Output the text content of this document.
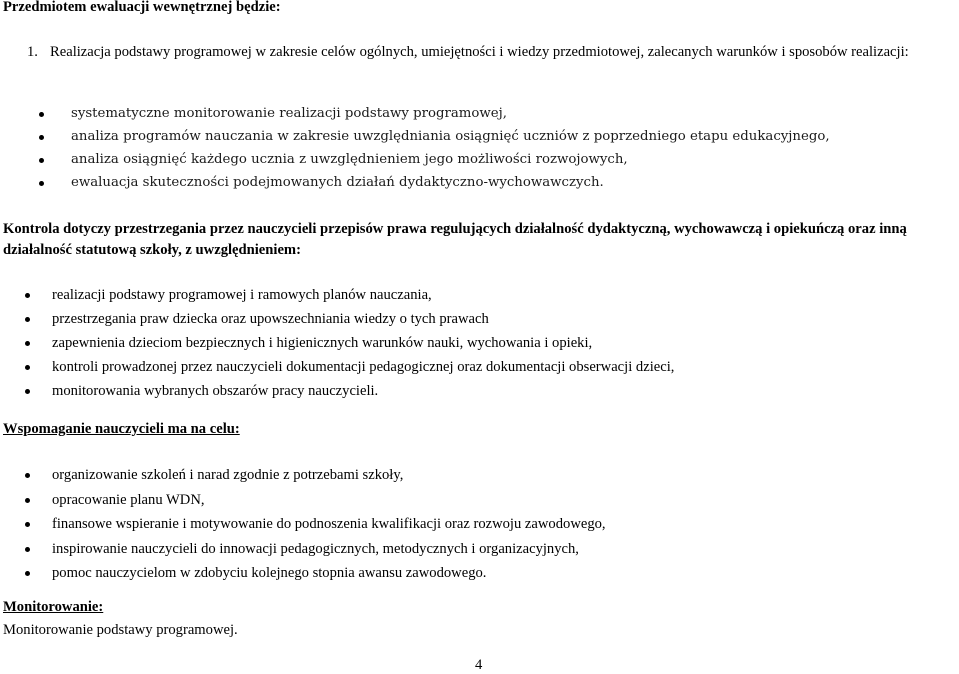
Przedmiotem ewaluacji wewnętrznej będzie:
1. Realizacja podstawy programowej w zakresie celów ogólnych, umiejętności i wiedzy przedmiotowej, zalecanych warunków i sposobów realizacji:
systematyczne monitorowanie realizacji podstawy programowej,
analiza programów nauczania w zakresie uwzględniania osiągnięć uczniów z poprzedniego etapu edukacyjnego,
analiza osiągnięć każdego ucznia z uwzględnieniem jego możliwości rozwojowych,
ewaluacja skuteczności podejmowanych działań dydaktyczno-wychowawczych.
Kontrola dotyczy przestrzegania przez nauczycieli przepisów prawa regulujących działalność dydaktyczną, wychowawczą i opiekuńczą oraz inną działalność statutową szkoły, z uwzględnieniem:
realizacji podstawy programowej i ramowych planów nauczania,
przestrzegania praw dziecka oraz upowszechniania wiedzy o tych prawach
zapewnienia dzieciom bezpiecznych i higienicznych warunków nauki, wychowania i opieki,
kontroli prowadzonej przez nauczycieli dokumentacji pedagogicznej oraz dokumentacji obserwacji dzieci,
monitorowania wybranych obszarów pracy nauczycieli.
Wspomaganie nauczycieli ma na celu:
organizowanie szkoleń i narad zgodnie z potrzebami szkoły,
opracowanie planu WDN,
finansowe wspieranie i motywowanie do podnoszenia kwalifikacji oraz rozwoju zawodowego,
inspirowanie nauczycieli do innowacji pedagogicznych, metodycznych i organizacyjnych,
pomoc nauczycielom w zdobyciu kolejnego stopnia awansu zawodowego.
Monitorowanie:
Monitorowanie podstawy programowej.
4
